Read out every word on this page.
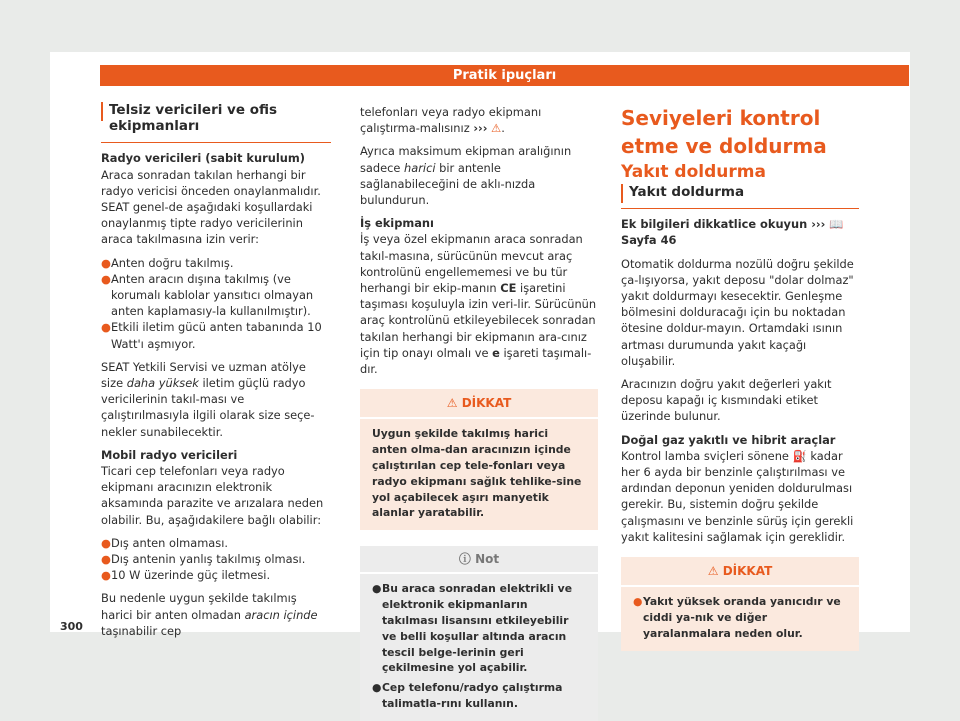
Pratik ipuçları
Telsiz vericileri ve ofis ekipmanları

Radyo vericileri (sabit kurulum)

Araca sonradan takılan herhangi bir radyo vericisi önceden onaylanmalıdır. SEAT genel-de aşağıdaki koşullardaki onaylanmış tipte radyo vericilerinin araca takılmasına izin verir:

● Anten doğru takılmış.

● Anten aracın dışına takılmış (ve korumalı kablolar yansıtıcı olmayan anten kaplamasıy-la kullanılmıştır).

● Etkili iletim gücü anten tabanında 10 Watt'ı aşmıyor.

SEAT Yetkili Servisi ve uzman atölye size daha yüksek iletim güçlü radyo vericilerinin takıl-ması ve çalıştırılmasıyla ilgili olarak size seçe-nekler sunabilecektir.

Mobil radyo vericileri

Ticari cep telefonları veya radyo ekipmanı aracınızın elektronik aksamında parazite ve arızalara neden olabilir. Bu, aşağıdakilere bağlı olabilir:

● Dış anten olmaması.

● Dış antenin yanlış takılmış olması.

● 10 W üzerinde güç iletmesi.

Bu nedenle uygun şekilde takılmış harici bir anten olmadan aracın içinde taşınabilir cep

telefonları veya radyo ekipmanı çalıştırma-malısınız ››› ⚠.

Ayrıca maksimum ekipman aralığının sadece harici bir antenle sağlanabileceğini de aklı-nızda bulundurun.

İş ekipmanı

İş veya özel ekipmanın araca sonradan takıl-masına, sürücünün mevcut araç kontrolünü engellememesi ve bu tür herhangi bir ekip-manın CE işaretini taşıması koşuluyla izin veri-lir. Sürücünün araç kontrolünü etkileyebilecek sonradan takılan herhangi bir ekipmanın ara-cınız için tip onayı olmalı ve e işareti taşımalı-dır.

⚠ DİKKAT
Uygun şekilde takılmış harici anten olma-dan aracınızın içinde çalıştırılan cep tele-fonları veya radyo ekipmanı sağlık tehlike-sine yol açabilecek aşırı manyetik alanlar yaratabilir.
ⓘ Not

● Bu araca sonradan elektrikli ve elektronik ekipmanların takılması lisansını etkileyebilir ve belli koşullar altında aracın tescil belge-lerinin geri çekilmesine yol açabilir.

● Cep telefonu/radyo çalıştırma talimatla-rını kullanın.

Seviyeleri kontrol etme ve doldurma

Yakıt doldurma

Yakıt doldurma

Ek bilgileri dikkatlice okuyun ››› 📖 Sayfa 46

Otomatik doldurma nozülü doğru şekilde ça-lışıyorsa, yakıt deposu "dolar dolmaz" yakıt doldurmayı kesecektir. Genleşme bölmesini dolduracağı için bu noktadan ötesine doldur-mayın. Ortamdaki ısının artması durumunda yakıt kaçağı oluşabilir.

Aracınızın doğru yakıt değerleri yakıt deposu kapağı iç kısmındaki etiket üzerinde bulunur.

Doğal gaz yakıtlı ve hibrit araçlar

Kontrol lamba sviçleri sönene ⛽ kadar her 6 ayda bir benzinle çalıştırılması ve ardından deponun yeniden doldurulması gerekir. Bu, sistemin doğru şekilde çalışmasını ve benzinle sürüş için gerekli yakıt kalitesini sağlamak için gereklidir.

⚠ DİKKAT
● Yakıt yüksek oranda yanıcıdır ve ciddi ya-nık ve diğer yaralanmalara neden olur.
300
